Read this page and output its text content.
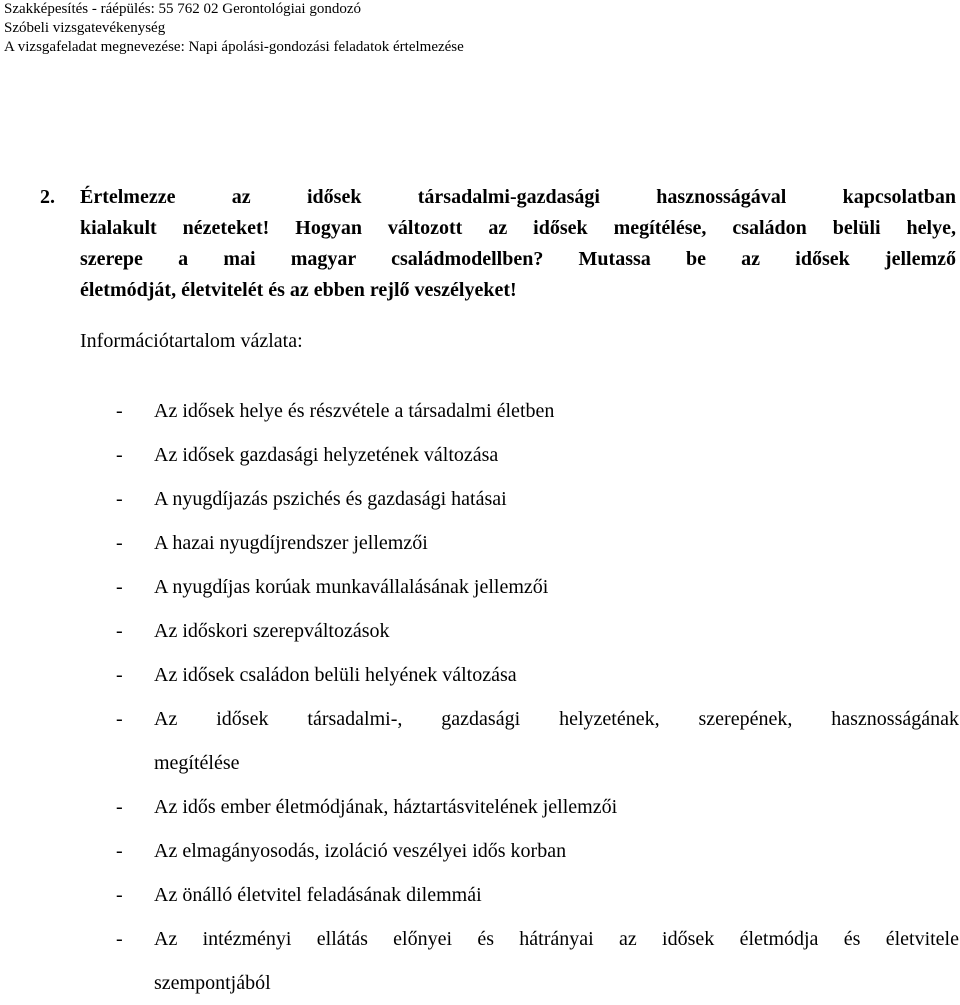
Szakképesítés - ráépülés: 55 762 02 Gerontológiai gondozó
Szóbeli vizsgatevékenység
A vizsgafeladat megnevezése: Napi ápolási-gondozási feladatok értelmezése
2.	Értelmezze az idősek társadalmi-gazdasági hasznosságával kapcsolatban
kialakult nézeteket! Hogyan változott az idősek megítélése, családon belüli helye,
szerepe a mai magyar családmodellben? Mutassa be az idősek jellemző
életmódját, életvitelét és az ebben rejlő veszélyeket!
Információtartalom vázlata:
-	Az idősek helye és részvétele a társadalmi életben
-	Az idősek gazdasági helyzetének változása
-	A nyugdíjazás pszichés és gazdasági hatásai
-	A hazai nyugdíjrendszer jellemzői
-	A nyugdíjas korúak munkavállalásának jellemzői
-	Az időskori szerepváltozások
-	Az idősek családon belüli helyének változása
-	Az idősek társadalmi-, gazdasági helyzetének, szerepének, hasznosságának
megítélése
-	Az idős ember életmódjának, háztartásvitelének jellemzői
-	Az elmagányosodás, izoláció veszélyei idős korban
-	Az önálló életvitel feladásának dilemmái
-	Az intézményi ellátás előnyei és hátrányai az idősek életmódja és életvitele
szempontjából
